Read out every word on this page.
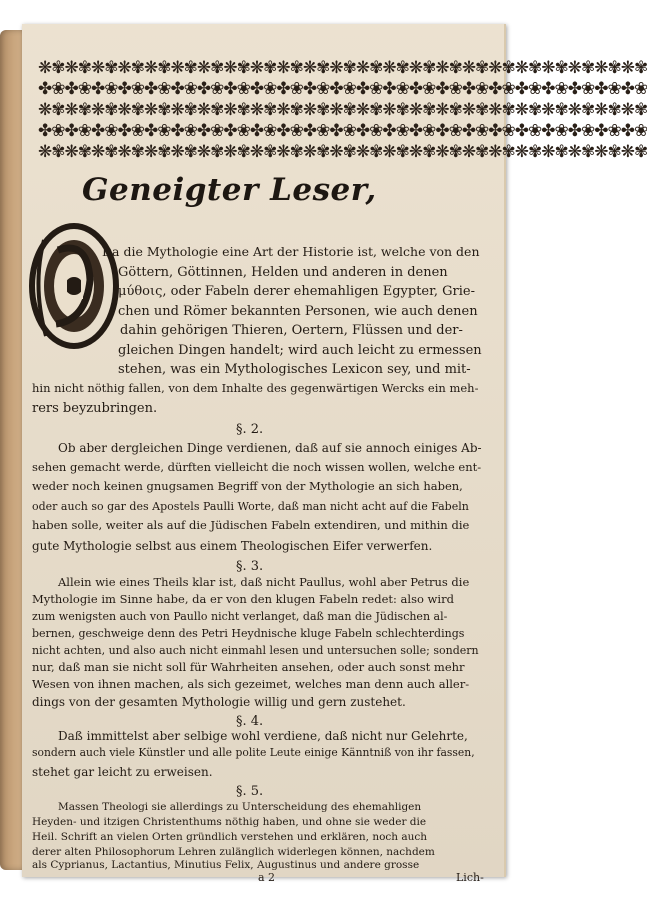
❋✾❋✾❋✾❋✾❋✾❋✾❋✾❋✾❋✾❋✾❋✾❋✾❋✾❋✾❋✾❋✾❋✾❋✾❋✾❋✾❋✾❋✾❋✾
✤❀✤❀✤❀✤❀✤❀✤❀✤❀✤❀✤❀✤❀✤❀✤❀✤❀✤❀✤❀✤❀✤❀✤❀✤❀✤❀✤❀✤❀✤❀
❋✾❋✾❋✾❋✾❋✾❋✾❋✾❋✾❋✾❋✾❋✾❋✾❋✾❋✾❋✾❋✾❋✾❋✾❋✾❋✾❋✾❋✾❋✾
✤❀✤❀✤❀✤❀✤❀✤❀✤❀✤❀✤❀✤❀✤❀✤❀✤❀✤❀✤❀✤❀✤❀✤❀✤❀✤❀✤❀✤❀✤❀
❋✾❋✾❋✾❋✾❋✾❋✾❋✾❋✾❋✾❋✾❋✾❋✾❋✾❋✾❋✾❋✾❋✾❋✾❋✾❋✾❋✾❋✾❋✾
Geneigter Leser,
Da die Mythologie eine Art der Historie ist, welche von den
Göttern, Göttinnen, Helden und anderen in denen
μύθοις, oder Fabeln derer ehemahligen Egypter, Grie-
chen und Römer bekannten Personen, wie auch denen
dahin gehörigen Thieren, Oertern, Flüssen und der-
gleichen Dingen handelt; wird auch leicht zu ermessen
stehen, was ein Mythologisches Lexicon sey, und mit-
hin nicht nöthig fallen, von dem Inhalte des gegenwärtigen Wercks ein meh-
rers beyzubringen.
§. 2.
Ob aber dergleichen Dinge verdienen, daß auf sie annoch einiges Ab-
sehen gemacht werde, dürften vielleicht die noch wissen wollen, welche ent-
weder noch keinen gnugsamen Begriff von der Mythologie an sich haben,
oder auch so gar des Apostels Paulli Worte, daß man nicht acht auf die Fabeln
haben solle, weiter als auf die Jüdischen Fabeln extendiren, und mithin die
gute Mythologie selbst aus einem Theologischen Eifer verwerfen.
§. 3.
Allein wie eines Theils klar ist, daß nicht Paullus, wohl aber Petrus die
Mythologie im Sinne habe, da er von den klugen Fabeln redet: also wird
zum wenigsten auch von Paullo nicht verlanget, daß man die Jüdischen al-
bernen, geschweige denn des Petri Heydnische kluge Fabeln schlechterdings
nicht achten, und also auch nicht einmahl lesen und untersuchen solle; sondern
nur, daß man sie nicht soll für Wahrheiten ansehen, oder auch sonst mehr
Wesen von ihnen machen, als sich gezeimet, welches man denn auch aller-
dings von der gesamten Mythologie willig und gern zustehet.
§. 4.
Daß immittelst aber selbige wohl verdiene, daß nicht nur Gelehrte,
sondern auch viele Künstler und alle polite Leute einige Känntniß von ihr fassen,
stehet gar leicht zu erweisen.
§. 5.
a 2	Lich-
Massen Theologi sie allerdings zu Unterscheidung des ehemahligen
Heyden- und itzigen Christenthums nöthig haben, und ohne sie weder die
Heil. Schrift an vielen Orten gründlich verstehen und erklären, noch auch
derer alten Philosophorum Lehren zulänglich widerlegen können, nachdem
als Cyprianus, Lactantius, Minutius Felix, Augustinus und andere grosse
